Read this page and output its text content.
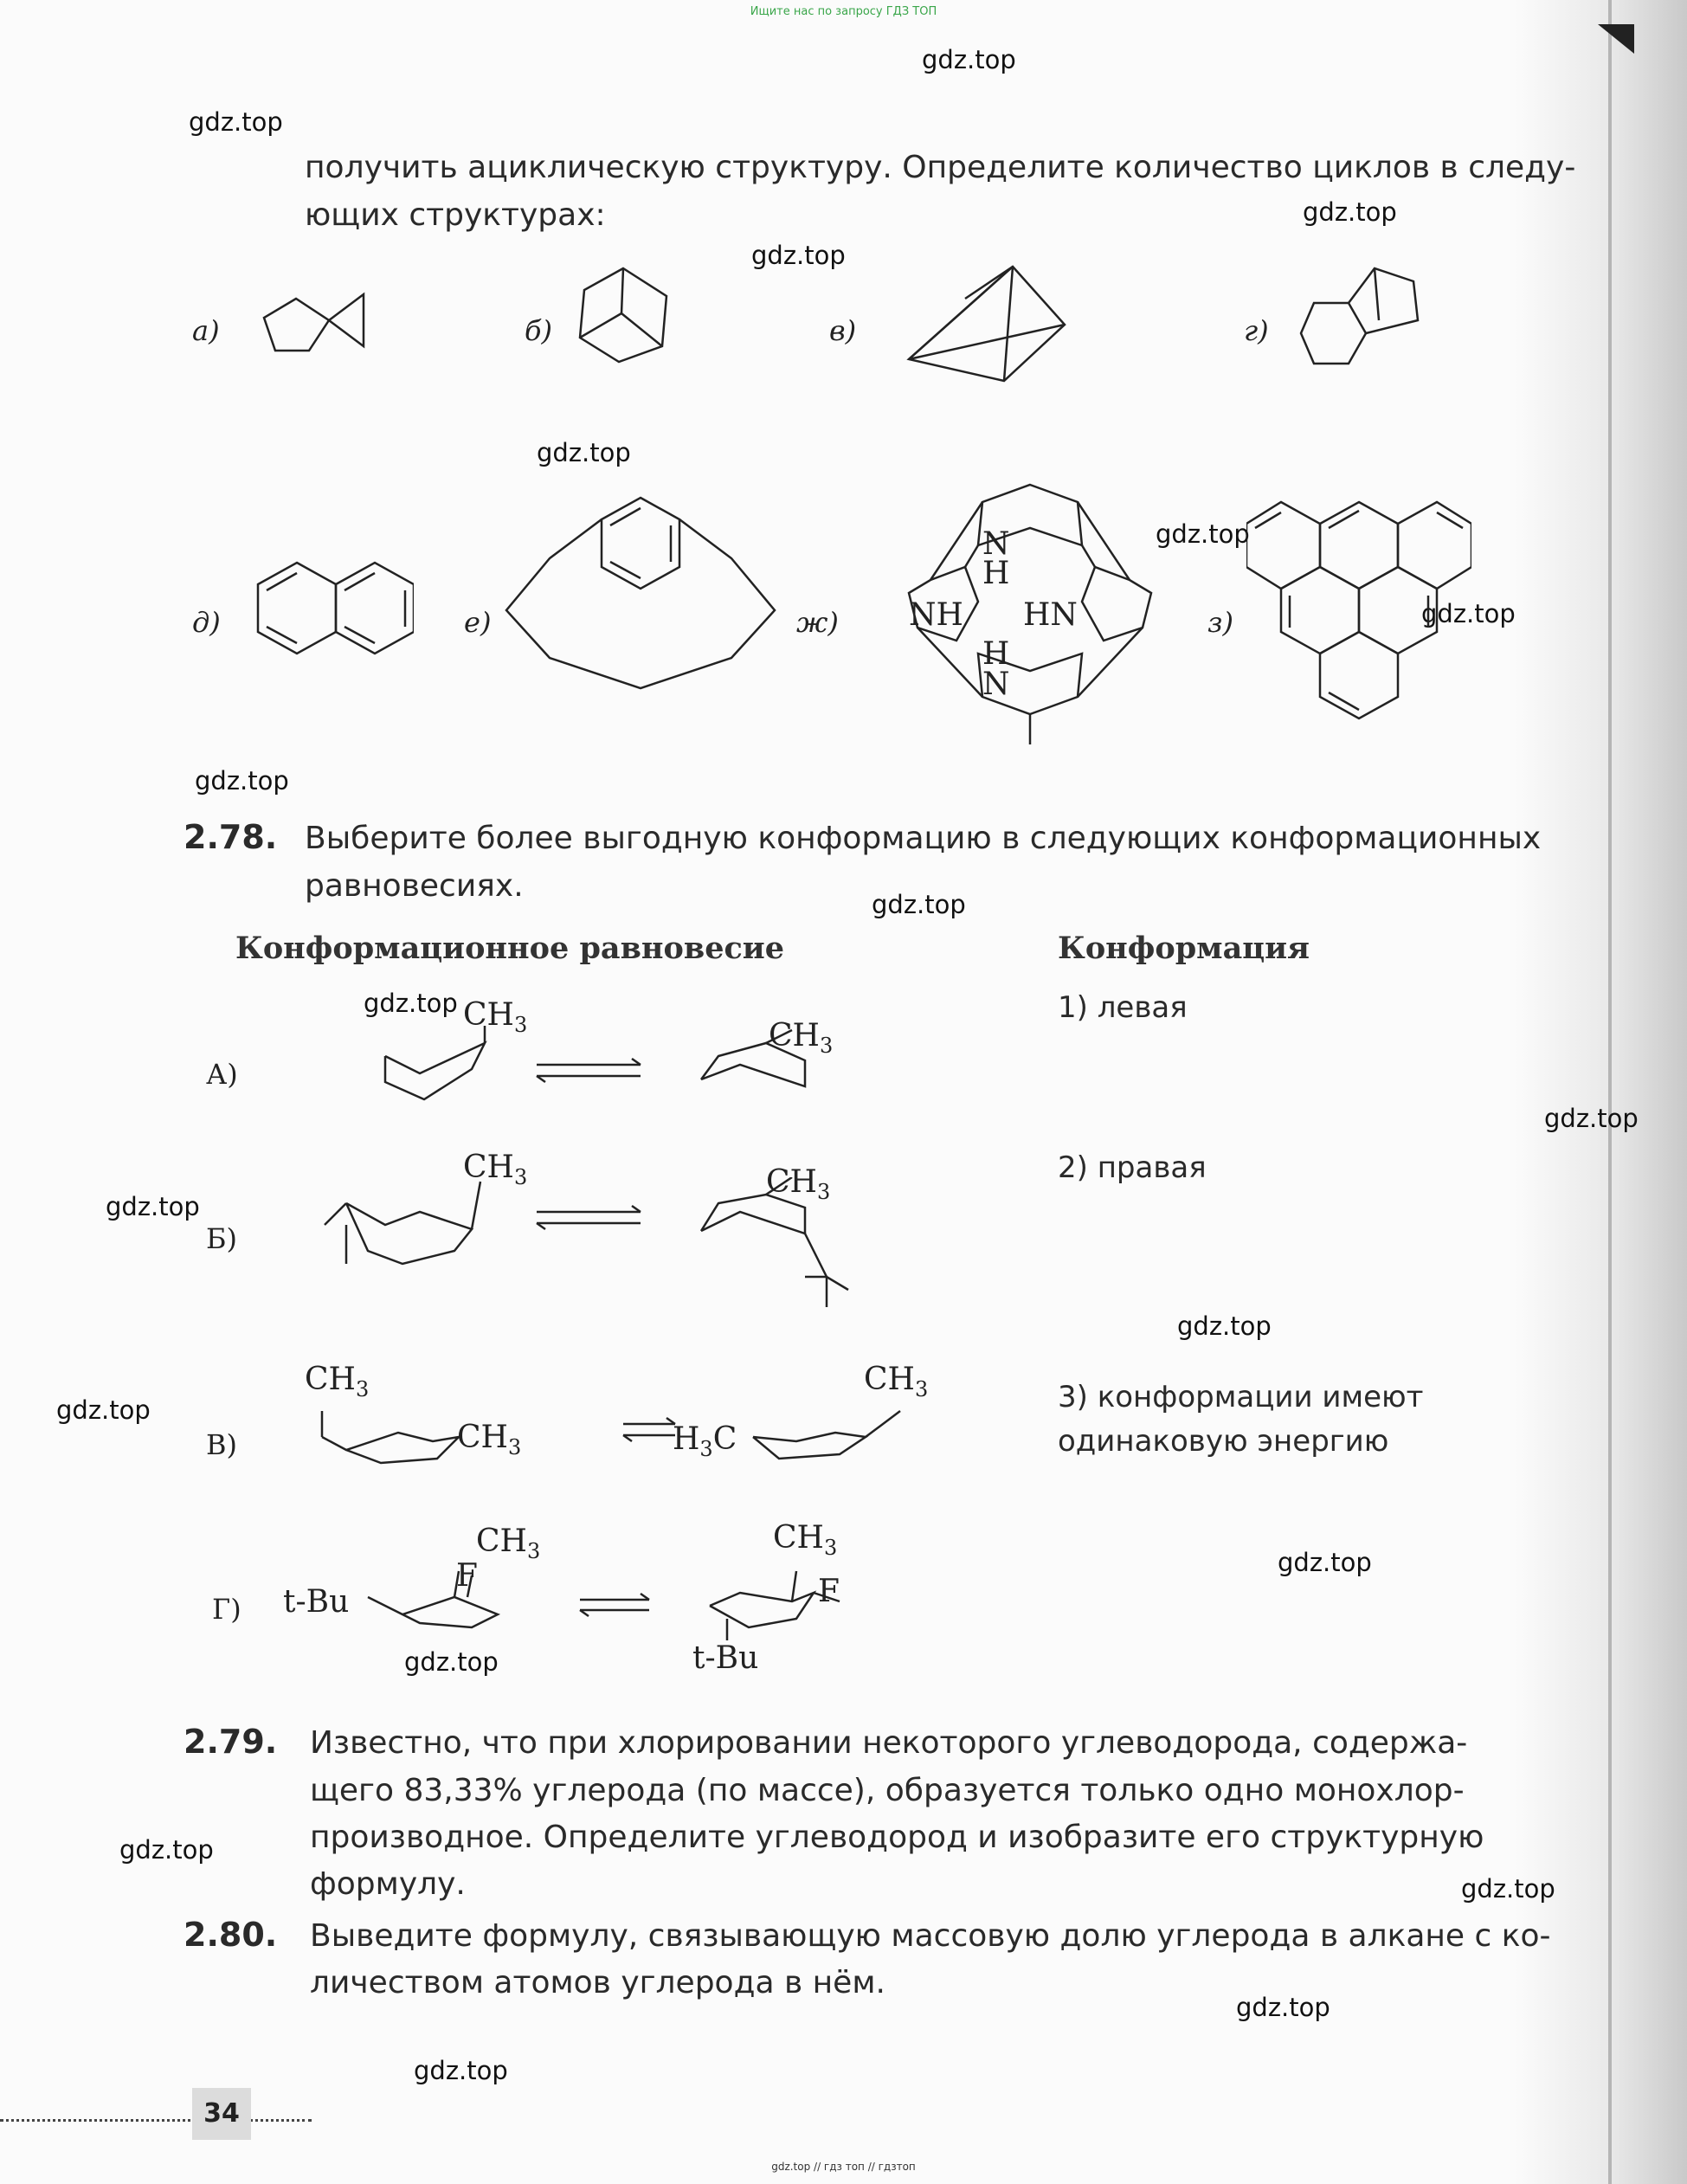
Ищите нас по запросу ГДЗ ТОП
gdz.top
gdz.top
gdz.top
gdz.top
gdz.top
gdz.top
gdz.top
gdz.top
gdz.top
gdz.top
gdz.top
gdz.top
gdz.top
gdz.top
gdz.top
gdz.top
gdz.top
gdz.top
gdz.top
gdz.top
получить ациклическую структуру. Определите количество циклов в следу-
ющих структурах:
а)	б)	в)	г)
д)	е)	ж)
N
H
NH HN
H
N
з)
2.78. Выберите более выгодную конформацию в следующих конформационных
равновесиях.
Конформационное равновесие	Конформация
А)
$CH_3$	$CH_3$
1) левая
Б)
$CH_3$	$CH_3$
2) правая
В)
$CH_3$
$CH_3$	$H_3C$
$CH_3$	3) конформации имеют
одинаковую энергию
Г) t-Bu
F
$CH_3$	$CH_3$
F
t-Bu
2.79. Известно, что при хлорировании некоторого углеводорода, содержа-
щего 83,33% углерода (по массе), образуется только одно монохлор-
производное. Определите углеводород и изобразите его структурную
формулу.
2.80. Выведите формулу, связывающую массовую долю углерода в алкане с ко-
личеством атомов углерода в нём.
34
gdz.top // гдз топ // гдзтоп
